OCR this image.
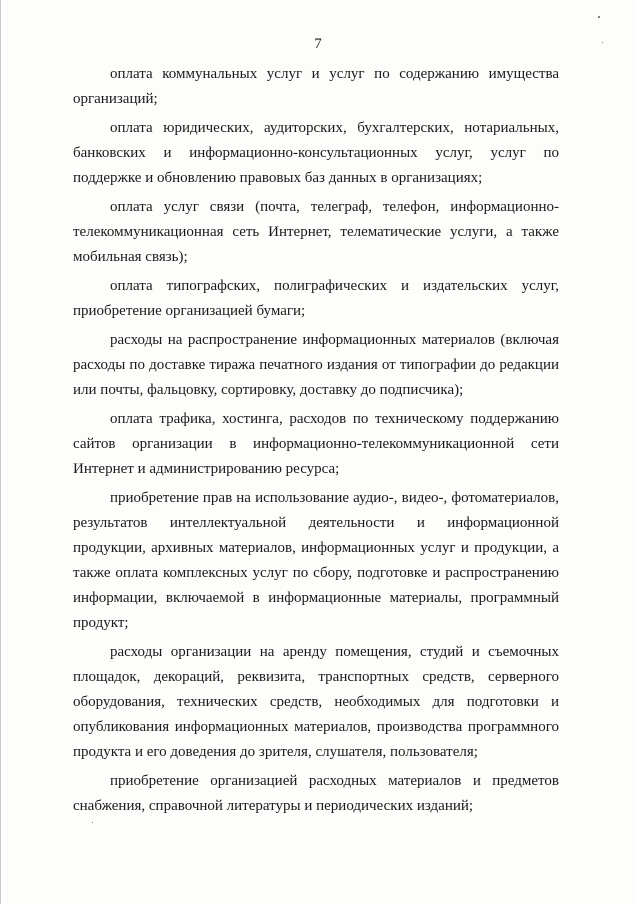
7

оплата коммунальных услуг и услуг по содержанию имущества организаций;

оплата юридических, аудиторских, бухгалтерских, нотариальных, банковских и информационно-консультационных услуг, услуг по поддержке и обновлению правовых баз данных в организациях;

оплата услуг связи (почта, телеграф, телефон, информационно-телекоммуникационная сеть Интернет, телематические услуги, а также мобильная связь);

оплата типографских, полиграфических и издательских услуг, приобретение организацией бумаги;

расходы на распространение информационных материалов (включая расходы по доставке тиража печатного издания от типографии до редакции или почты, фальцовку, сортировку, доставку до подписчика);

оплата трафика, хостинга, расходов по техническому поддержанию сайтов организации в информационно-телекоммуникационной сети Интернет и администрированию ресурса;

приобретение прав на использование аудио-, видео-, фотоматериалов, результатов интеллектуальной деятельности и информационной продукции, архивных материалов, информационных услуг и продукции, а также оплата комплексных услуг по сбору, подготовке и распространению информации, включаемой в информационные материалы, программный продукт;

расходы организации на аренду помещения, студий и съемочных площадок, декораций, реквизита, транспортных средств, серверного оборудования, технических средств, необходимых для подготовки и опубликования информационных материалов, производства программного продукта и его доведения до зрителя, слушателя, пользователя;

приобретение организацией расходных материалов и предметов снабжения, справочной литературы и периодических изданий;
